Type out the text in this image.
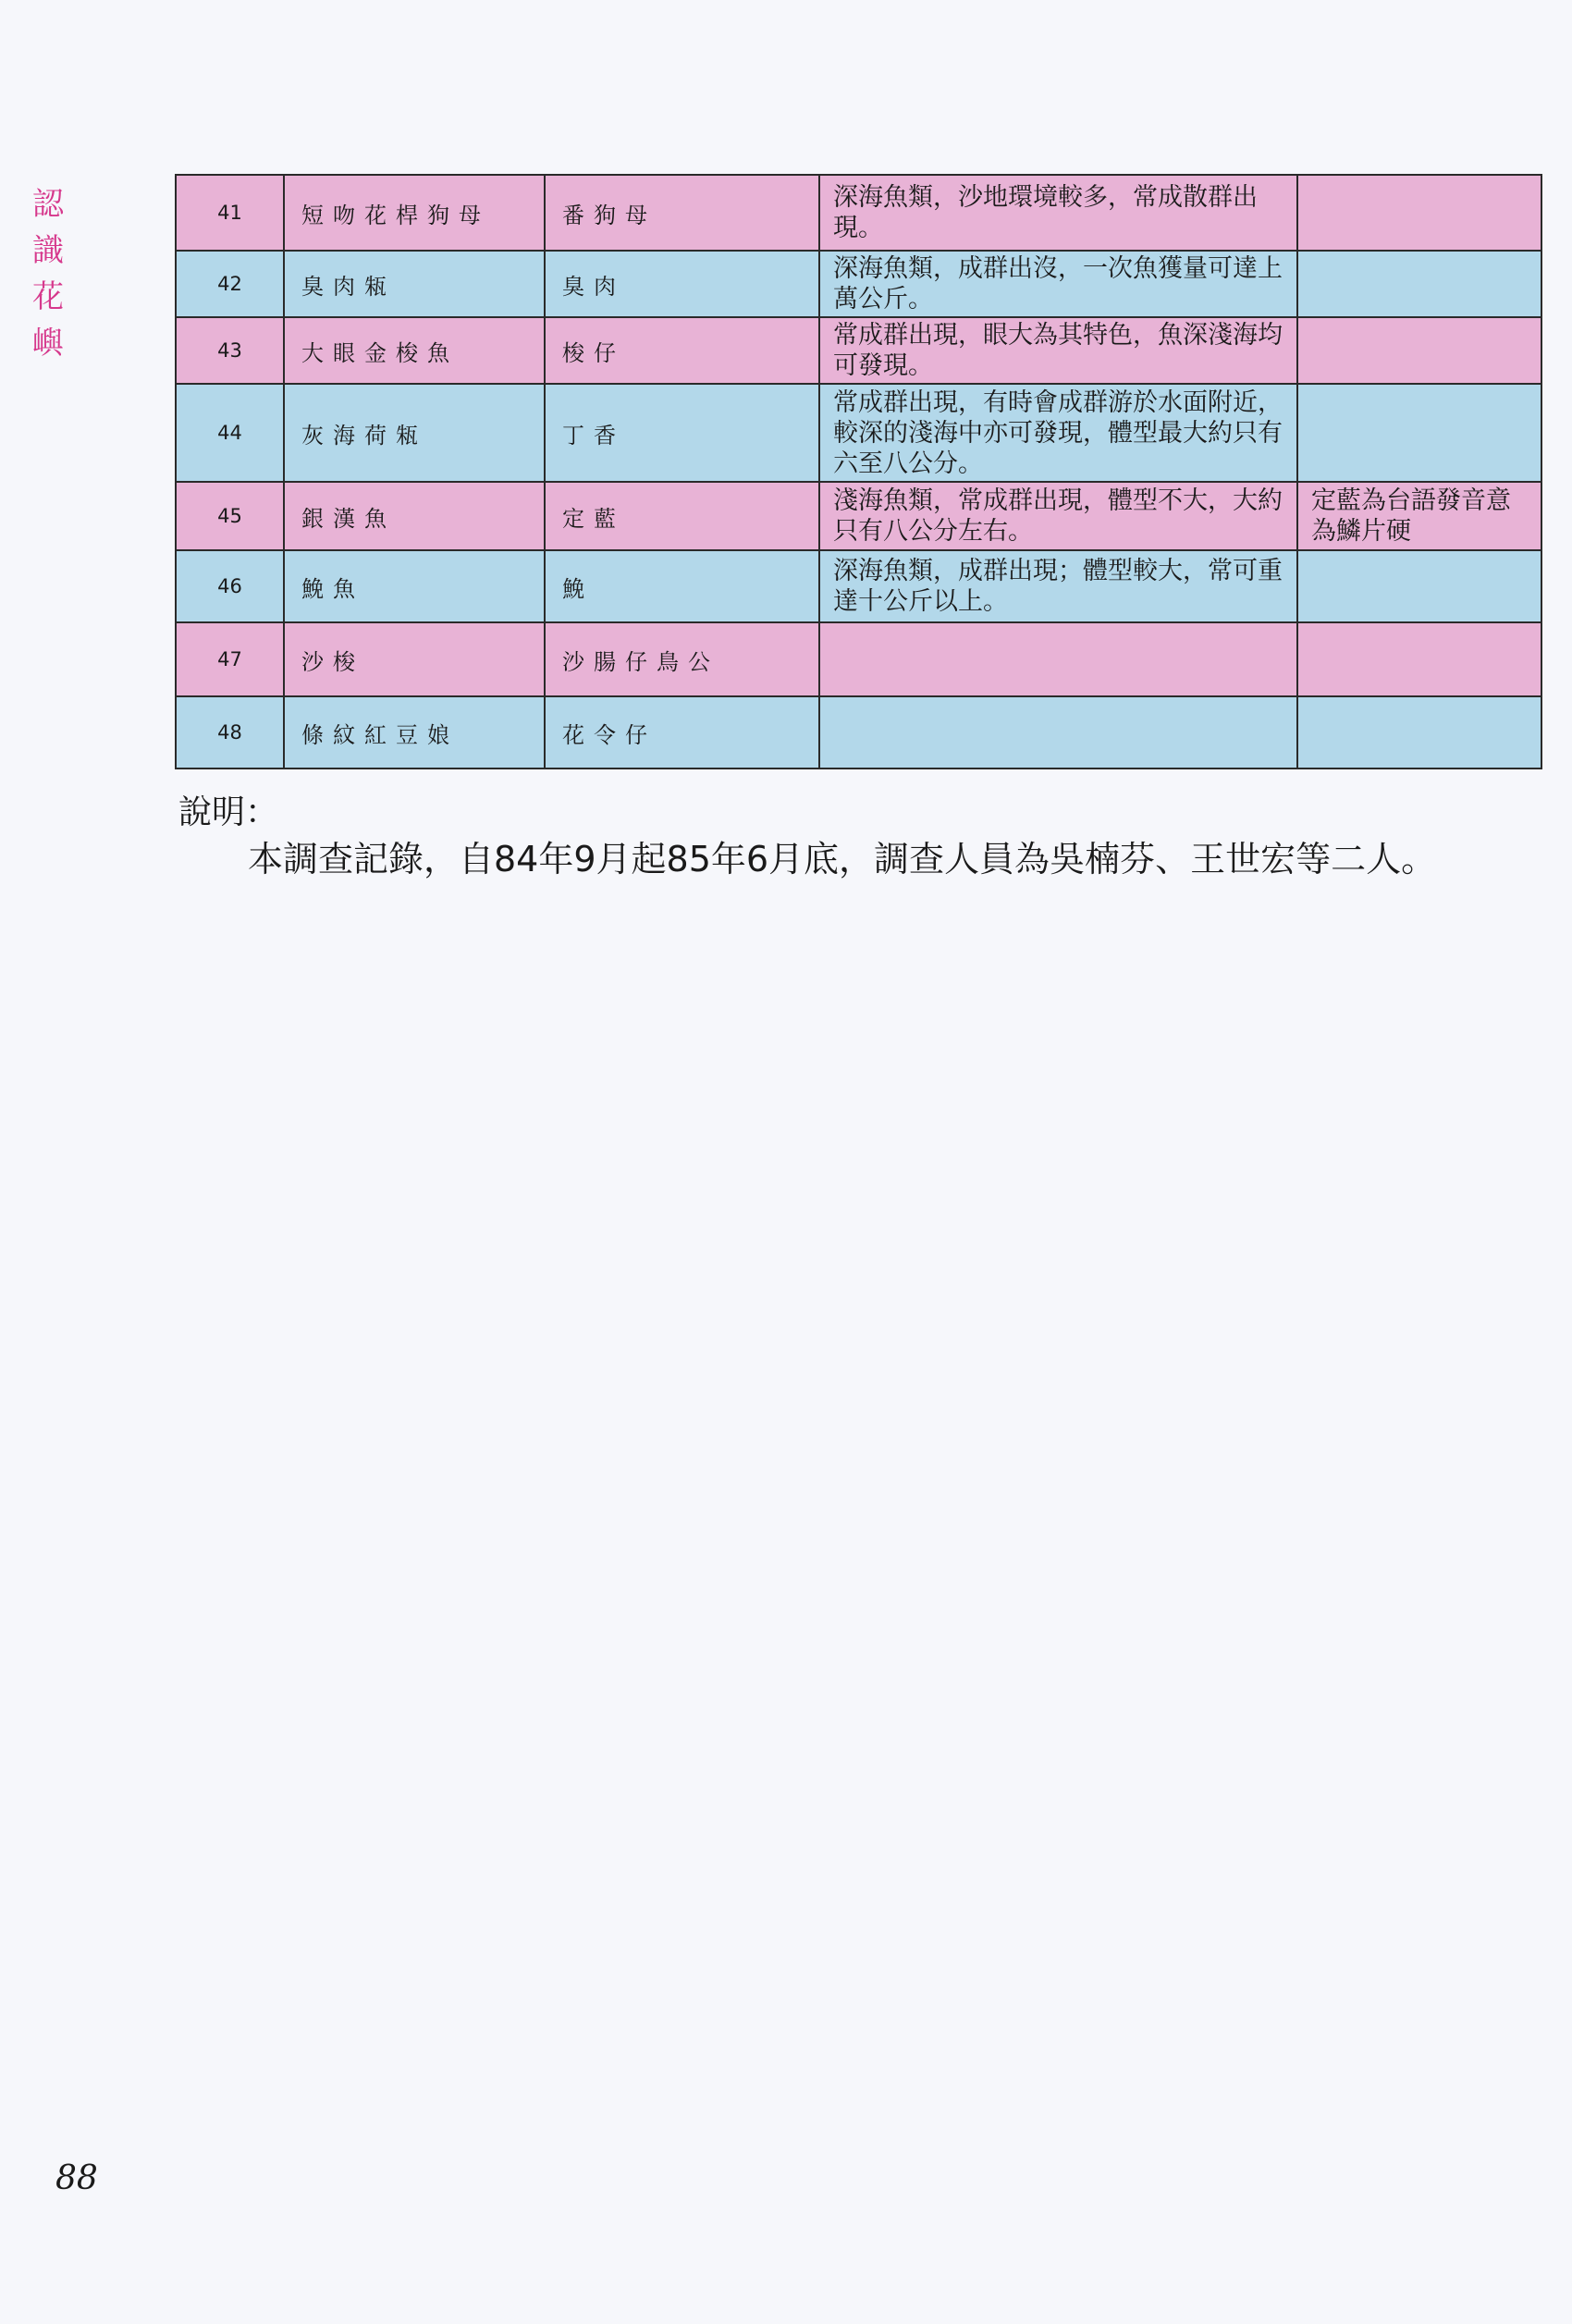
認
識
花
嶼
41	短吻花桿狗母	番狗母	深海魚類，沙地環境較多，常成散群出現。	
42	臭肉㼡	臭肉	深海魚類，成群出沒，一次魚獲量可達上萬公斤。	
43	大眼金梭魚	梭仔	常成群出現，眼大為其特色，魚深淺海均可發現。	
44	灰海荷㼡	丁香	常成群出現，有時會成群游於水面附近，較深的淺海中亦可發現，體型最大約只有六至八公分。	
45	銀漢魚	定藍	淺海魚類，常成群出現，體型不大，大約只有八公分左右。	定藍為台語發音意為鱗片硬
46	鮸魚	鮸	深海魚類，成群出現；體型較大，常可重達十公斤以上。	
47	沙梭	沙腸仔鳥公		
48	條紋紅豆娘	花令仔		
說明：
本調查記錄，自84年9月起85年6月底，調查人員為吳楠芬、王世宏等二人。
88
